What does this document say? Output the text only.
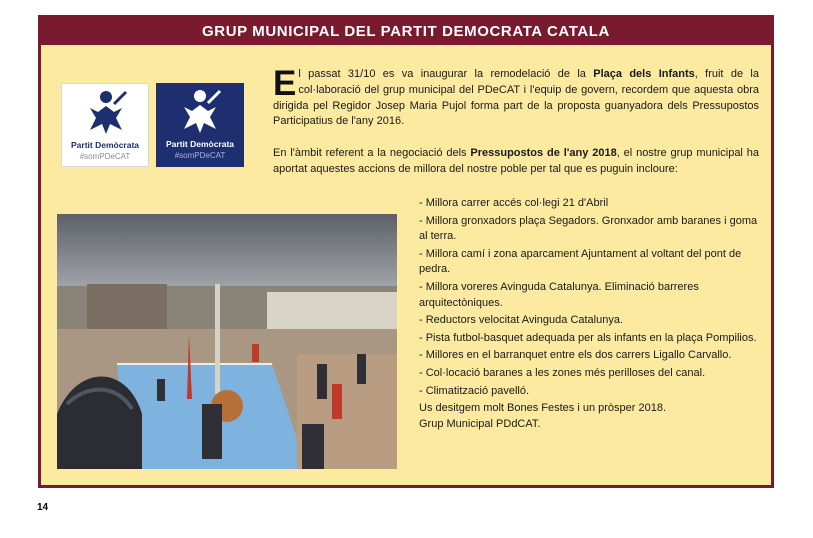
GRUP MUNICIPAL DEL PARTIT DEMOCRATA CATALA
Partit Demòcrata
#somPDeCAT
Partit Demòcrata
#somPDeCAT
El passat 31/10 es va inaugurar la remodelació de la Plaça dels Infants, fruit de la col·laboració del grup municipal del PDeCAT i l'equip de govern, recordem que aquesta obra dirigida pel Regidor Josep Maria Pujol forma part de la proposta guanyadora dels Pressupostos Participatius de l'any 2016.
En l'àmbit referent a la negociació dels Pressupostos de l'any 2018, el nostre grup municipal ha aportat aquestes accions de millora del nostre poble per tal que es puguin incloure:
- Millora carrer accés col·legi 21 d'Abril
- Millora gronxadors plaça Segadors. Gronxador amb baranes i goma al terra.
- Millora camí i zona aparcament Ajuntament al voltant del pont de pedra.
- Millora voreres Avinguda Catalunya. Eliminació barreres arquitectòniques.
- Reductors velocitat Avinguda Catalunya.
- Pista futbol-basquet adequada per als infants en la plaça Pompilios.
- Millores en el barranquet entre els dos carrers Ligallo Carvallo.
- Col·locació baranes a les zones més perilloses del canal.
- Climatització pavelló.
Us desitgem molt Bones Festes i un pròsper 2018.
Grup Municipal PDdCAT.
14
